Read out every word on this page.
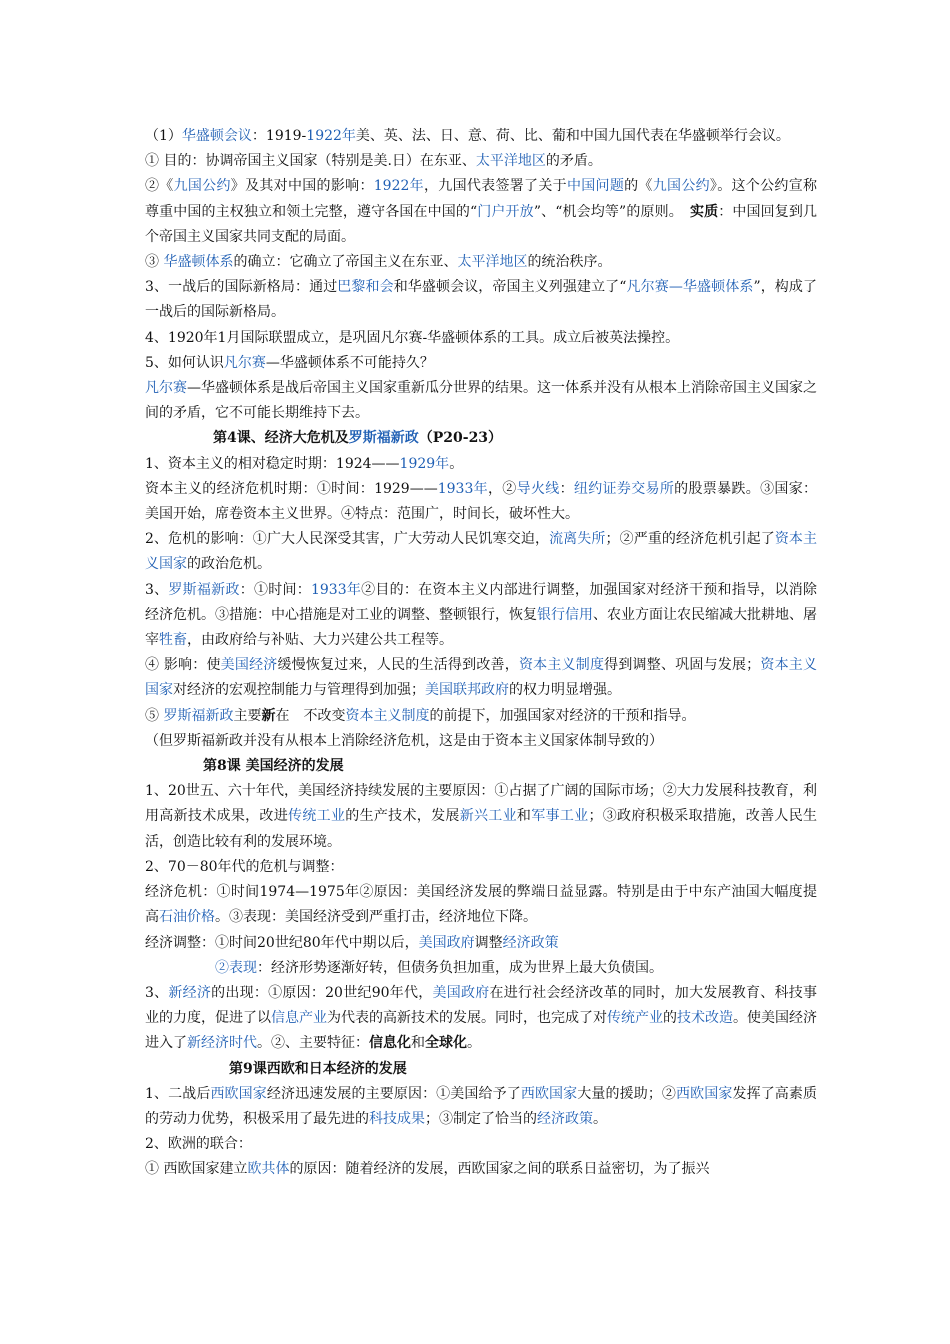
（1）华盛顿会议：1919-1922年美、英、法、日、意、荷、比、葡和中国九国代表在华盛顿举行会议。

① 目的：协调帝国主义国家（特别是美.日）在东亚、太平洋地区的矛盾。

②《九国公约》及其对中国的影响：1922年，九国代表签署了关于中国问题的《九国公约》。这个公约宣称尊重中国的主权独立和领土完整，遵守各国在中国的“门户开放”、“机会均等”的原则。　实质：中国回复到几个帝国主义国家共同支配的局面。

③ 华盛顿体系的确立：它确立了帝国主义在东亚、太平洋地区的统治秩序。

3、一战后的国际新格局：通过巴黎和会和华盛顿会议，帝国主义列强建立了“凡尔赛—华盛顿体系”，构成了一战后的国际新格局。

4、1920年1月国际联盟成立，是巩固凡尔赛-华盛顿体系的工具。成立后被英法操控。

5、如何认识凡尔赛—华盛顿体系不可能持久？

凡尔赛—华盛顿体系是战后帝国主义国家重新瓜分世界的结果。这一体系并没有从根本上消除帝国主义国家之间的矛盾，它不可能长期维持下去。

第4课、经济大危机及罗斯福新政（P20-23）

1、资本主义的相对稳定时期：1924——1929年。

资本主义的经济危机时期：①时间：1929——1933年，②导火线：纽约证券交易所的股票暴跌。③国家：美国开始，席卷资本主义世界。④特点：范围广，时间长，破坏性大。

2、危机的影响：①广大人民深受其害，广大劳动人民饥寒交迫，流离失所；②严重的经济危机引起了资本主义国家的政治危机。

3、罗斯福新政：①时间：1933年②目的：在资本主义内部进行调整，加强国家对经济干预和指导，以消除经济危机。③措施：中心措施是对工业的调整、整顿银行，恢复银行信用、农业方面让农民缩减大批耕地、屠宰牲畜，由政府给与补贴、大力兴建公共工程等。

④ 影响：使美国经济缓慢恢复过来，人民的生活得到改善，资本主义制度得到调整、巩固与发展；资本主义国家对经济的宏观控制能力与管理得到加强；美国联邦政府的权力明显增强。

⑤ 罗斯福新政主要新在　不改变资本主义制度的前提下，加强国家对经济的干预和指导。

（但罗斯福新政并没有从根本上消除经济危机，这是由于资本主义国家体制导致的）

第8课 美国经济的发展

1、20世五、六十年代，美国经济持续发展的主要原因：①占据了广阔的国际市场；②大力发展科技教育，利用高新技术成果，改进传统工业的生产技术，发展新兴工业和军事工业；③政府积极采取措施，改善人民生活，创造比较有利的发展环境。

2、70－80年代的危机与调整：

经济危机：①时间1974—1975年②原因：美国经济发展的弊端日益显露。特别是由于中东产油国大幅度提高石油价格。③表现：美国经济受到严重打击，经济地位下降。

经济调整：①时间20世纪80年代中期以后，美国政府调整经济政策

②表现：经济形势逐渐好转，但债务负担加重，成为世界上最大负债国。

3、新经济的出现：①原因：20世纪90年代，美国政府在进行社会经济改革的同时，加大发展教育、科技事业的力度，促进了以信息产业为代表的高新技术的发展。同时，也完成了对传统产业的技术改造。使美国经济进入了新经济时代。②、主要特征：信息化和全球化。

第9课西欧和日本经济的发展

1、二战后西欧国家经济迅速发展的主要原因：①美国给予了西欧国家大量的援助；②西欧国家发挥了高素质的劳动力优势，积极采用了最先进的科技成果；③制定了恰当的经济政策。

2、欧洲的联合：

① 西欧国家建立欧共体的原因：随着经济的发展，西欧国家之间的联系日益密切，为了振兴
